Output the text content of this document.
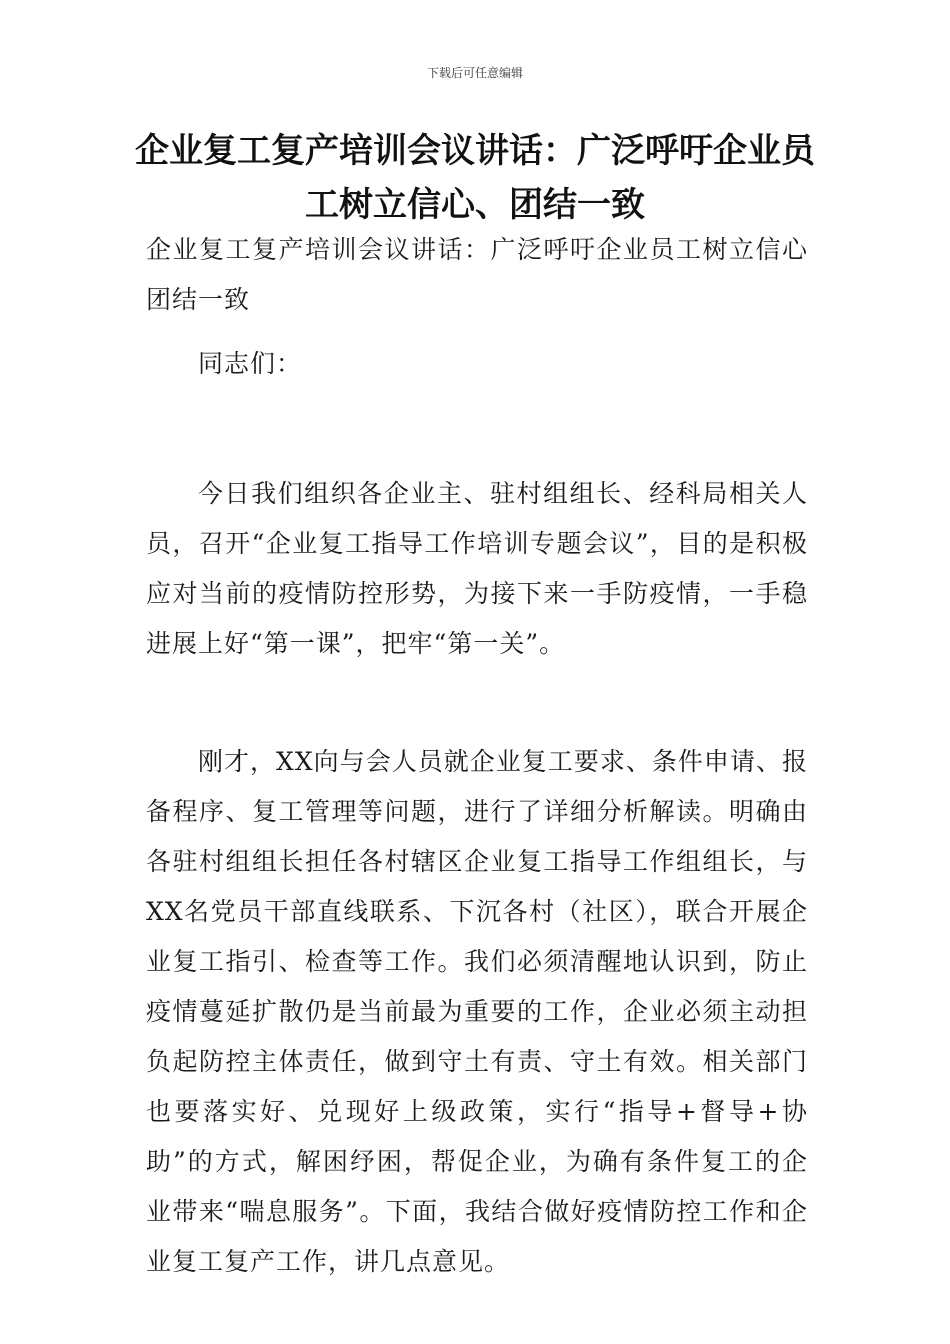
下载后可任意编辑
企业复工复产培训会议讲话：广泛呼吁企业员工树立信心、团结一致

企业复工复产培训会议讲话：广泛呼吁企业员工树立信心团结一致

同志们：

今日我们组织各企业主、驻村组组长、经科局相关人员，召开“企业复工指导工作培训专题会议”，目的是积极应对当前的疫情防控形势，为接下来一手防疫情，一手稳进展上好“第一课”，把牢“第一关”。

刚才，XX向与会人员就企业复工要求、条件申请、报备程序、复工管理等问题，进行了详细分析解读。明确由各驻村组组长担任各村辖区企业复工指导工作组组长，与XX名党员干部直线联系、下沉各村（社区），联合开展企业复工指引、检查等工作。我们必须清醒地认识到，防止疫情蔓延扩散仍是当前最为重要的工作，企业必须主动担负起防控主体责任，做到守土有责、守土有效。相关部门也要落实好、兑现好上级政策，实行“指导+督导+协助”的方式，解困纾困，帮促企业，为确有条件复工的企业带来“喘息服务”。下面，我结合做好疫情防控工作和企业复工复产工作，讲几点意见。
